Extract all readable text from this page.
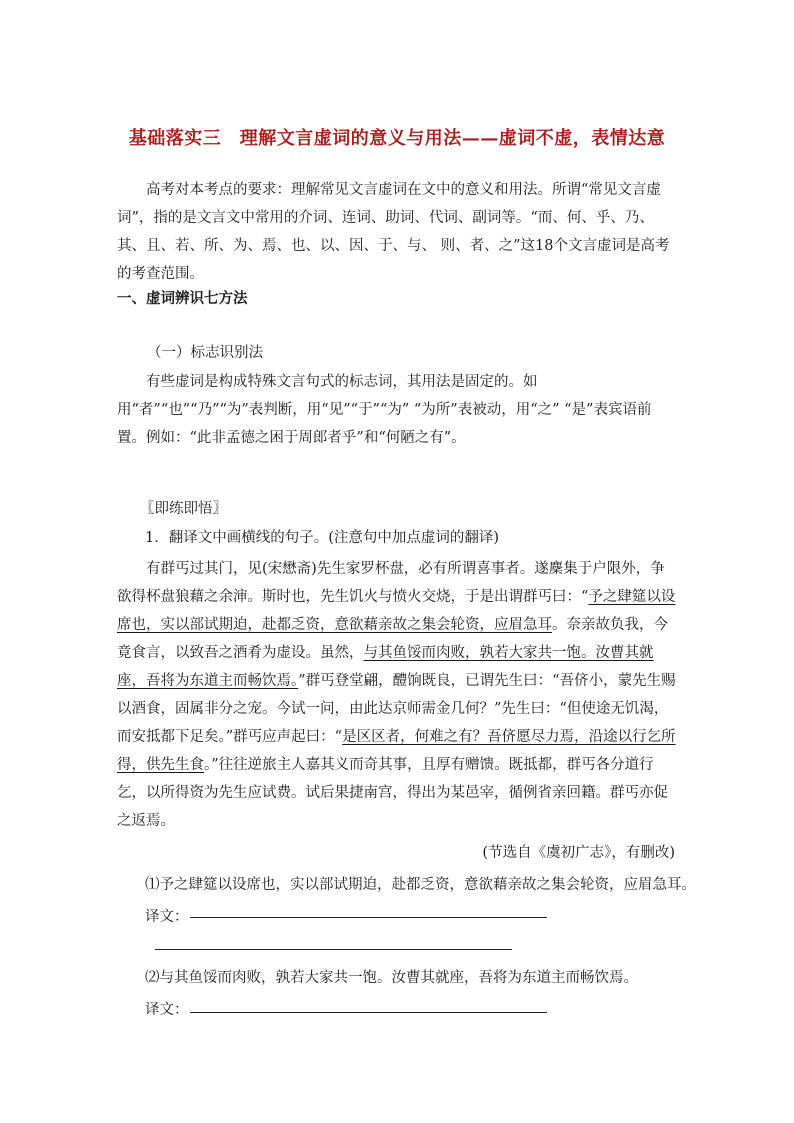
基础落实三　理解文言虚词的意义与用法——虚词不虚，表情达意
高考对本考点的要求：理解常见文言虚词在文中的意义和用法。所谓“常见文言虚词”，指的是文言文中常用的介词、连词、助词、代词、副词等。“而、何、乎、乃、其、且、若、所、为、焉、也、以、因、于、与、 则、者、之”这18个文言虚词是高考的考查范围。
一、虚词辨识七方法
（一）标志识别法
有些虚词是构成特殊文言句式的标志词，其用法是固定的。如用“者”“也”“乃”“为”表判断，用“见”“于”“为” “为所”表被动，用“之” “是”表宾语前置。例如：“此非孟德之困于周郎者乎”和“何陋之有”。
〖即练即悟〗
1．翻译文中画横线的句子。(注意句中加点虚词的翻译)
有群丐过其门，见(宋懋斋)先生家罗杯盘，必有所谓喜事者。遂麇集于户限外，争欲得杯盘狼藉之余渖。斯时也，先生饥火与愤火交烧，于是出谓群丐曰：“予之肆筵以设席也，实以部试期迫，赴都乏资，意欲藉亲故之集会轮资，应眉急耳。奈亲故负我，今竟食言，以致吾之酒肴为虚设。虽然，与其鱼馁而肉败，孰若大家共一饱。汝曹其就座，吾将为东道主而畅饮焉。”群丐登堂翩，醴饷既良，已谓先生曰：“吾侪小，蒙先生赐以酒食，固属非分之宠。今试一问，由此达京师需金几何？”先生曰：“但使途无饥渴，而安抵都下足矣。”群丐应声起曰：“是区区者，何难之有？吾侪愿尽力焉，沿途以行乞所得，供先生食。”往往逆旅主人嘉其义而奇其事，且厚有赠馈。既抵都，群丐各分道行乞，以所得资为先生应试费。试后果捷南宫，得出为某邑宰，循例省亲回籍。群丐亦促之返焉。
(节选自《虞初广志》，有删改)
⑴予之肆筵以设席也，实以部试期迫，赴都乏资，意欲藉亲故之集会轮资，应眉急耳。
译文：
⑵与其鱼馁而肉败，孰若大家共一饱。汝曹其就座，吾将为东道主而畅饮焉。
译文：
